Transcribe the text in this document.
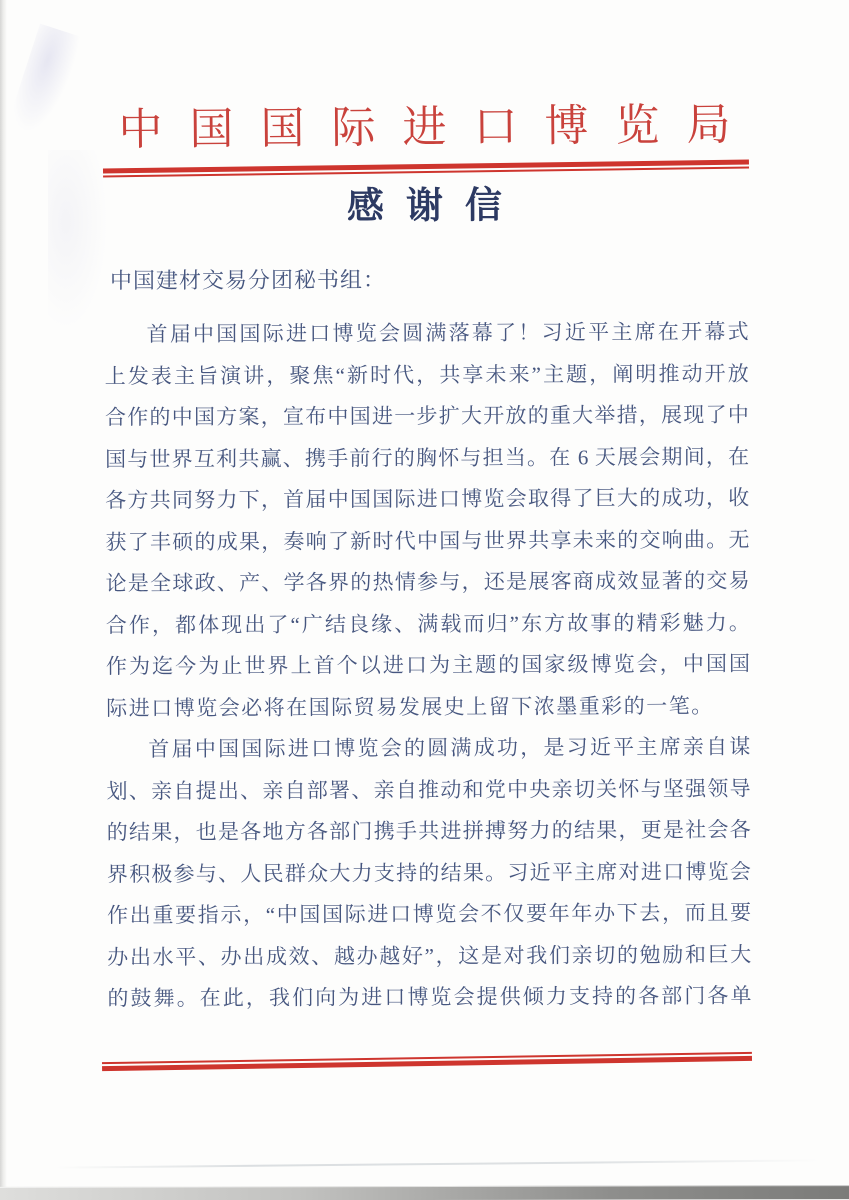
中国国际进口博览局
感谢信
中国建材交易分团秘书组：
首届中国国际进口博览会圆满落幕了！习近平主席在开幕式
上发表主旨演讲，聚焦“新时代，共享未来”主题，阐明推动开放
合作的中国方案，宣布中国进一步扩大开放的重大举措，展现了中
国与世界互利共赢、携手前行的胸怀与担当。在 6 天展会期间，在
各方共同努力下，首届中国国际进口博览会取得了巨大的成功，收
获了丰硕的成果，奏响了新时代中国与世界共享未来的交响曲。无
论是全球政、产、学各界的热情参与，还是展客商成效显著的交易
合作，都体现出了“广结良缘、满载而归”东方故事的精彩魅力。
作为迄今为止世界上首个以进口为主题的国家级博览会，中国国
际进口博览会必将在国际贸易发展史上留下浓墨重彩的一笔。
首届中国国际进口博览会的圆满成功，是习近平主席亲自谋
划、亲自提出、亲自部署、亲自推动和党中央亲切关怀与坚强领导
的结果，也是各地方各部门携手共进拼搏努力的结果，更是社会各
界积极参与、人民群众大力支持的结果。习近平主席对进口博览会
作出重要指示，“中国国际进口博览会不仅要年年办下去，而且要
办出水平、办出成效、越办越好”，这是对我们亲切的勉励和巨大
的鼓舞。在此，我们向为进口博览会提供倾力支持的各部门各单
